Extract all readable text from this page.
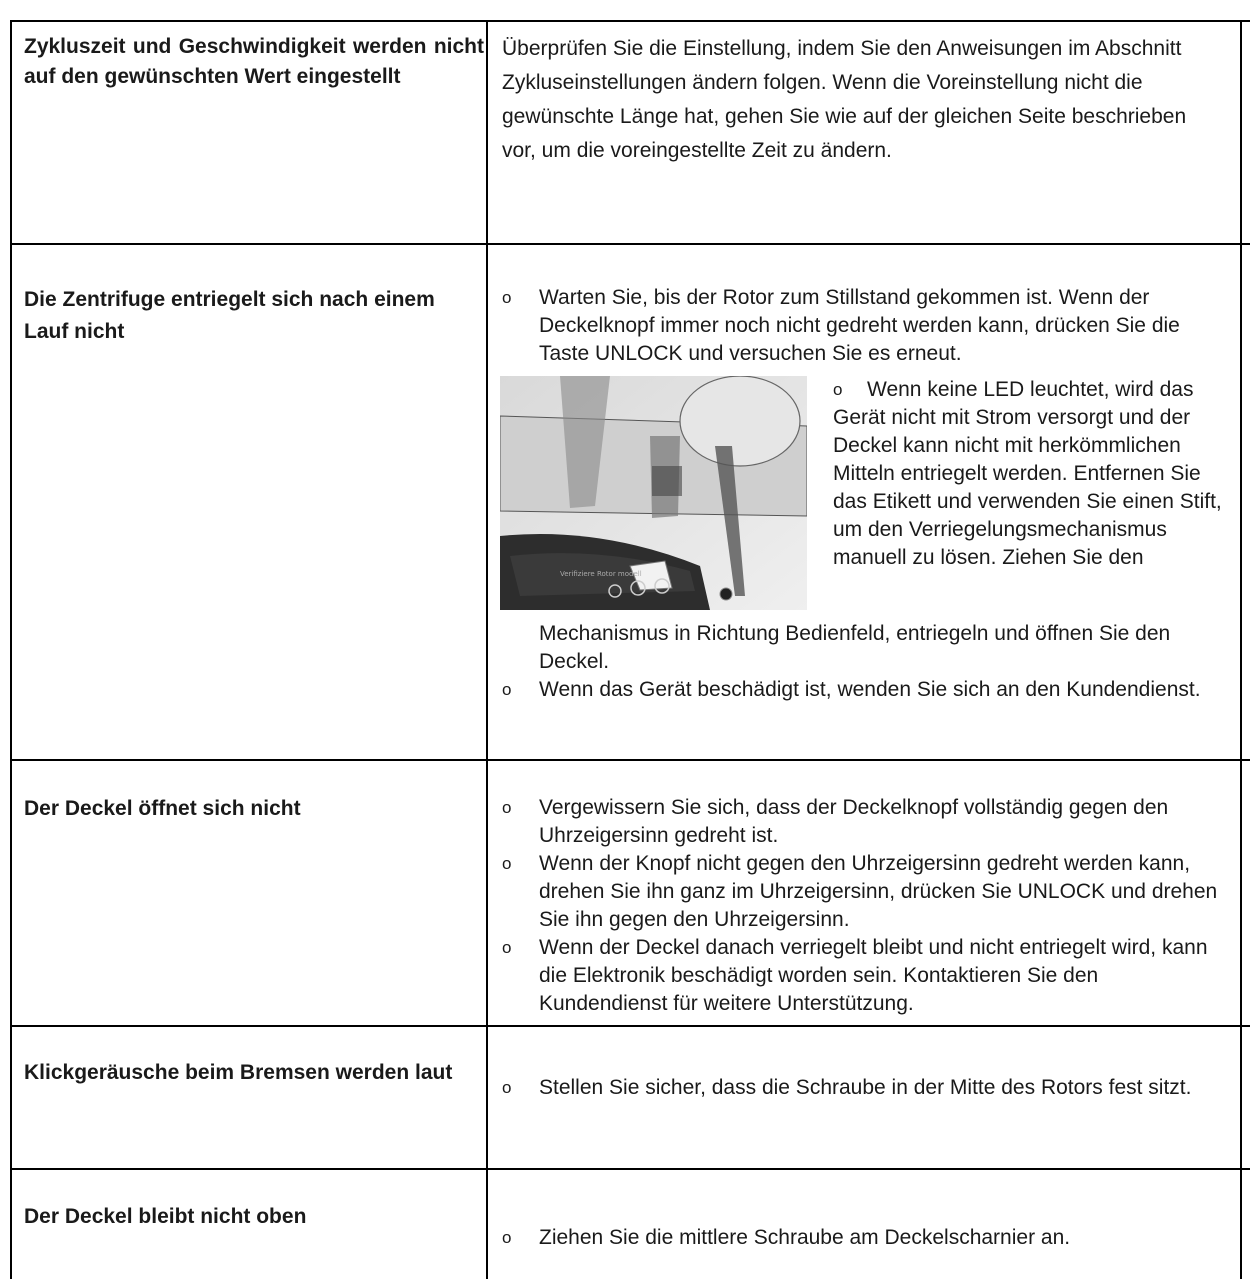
Zykluszeit und Geschwindigkeit werden nicht auf den gewünschten Wert eingestellt
Überprüfen Sie die Einstellung, indem Sie den Anweisungen im Abschnitt Zykluseinstellungen ändern folgen. Wenn die Voreinstellung nicht die gewünschte Länge hat, gehen Sie wie auf der gleichen Seite beschrieben vor, um die voreingestellte Zeit zu ändern.
Die Zentrifuge entriegelt sich nach einem Lauf nicht
o Warten Sie, bis der Rotor zum Stillstand gekommen ist. Wenn der Deckelknopf immer noch nicht gedreht werden kann, drücken Sie die Taste UNLOCK und versuchen Sie es erneut.
Verifiziere Rotor modell
o	Wenn keine LED leuchtet, wird das Gerät nicht mit Strom versorgt und der Deckel kann nicht mit herkömmlichen Mitteln entriegelt werden. Entfernen Sie das Etikett und verwenden Sie einen Stift, um den Verriegelungsmechanismus manuell zu lösen. Ziehen Sie den
Mechanismus in Richtung Bedienfeld, entriegeln und öffnen Sie den Deckel.
o Wenn das Gerät beschädigt ist, wenden Sie sich an den Kundendienst.
Der Deckel öffnet sich nicht	o Vergewissern Sie sich, dass der Deckelknopf vollständig gegen den Uhrzeigersinn gedreht ist.
o Wenn der Knopf nicht gegen den Uhrzeigersinn gedreht werden kann, drehen Sie ihn ganz im Uhrzeigersinn, drücken Sie UNLOCK und drehen Sie ihn gegen den Uhrzeigersinn.
o Wenn der Deckel danach verriegelt bleibt und nicht entriegelt wird, kann die Elektronik beschädigt worden sein. Kontaktieren Sie den Kundendienst für weitere Unterstützung.
Klickgeräusche beim Bremsen werden laut
o Stellen Sie sicher, dass die Schraube in der Mitte des Rotors fest sitzt.
Der Deckel bleibt nicht oben
o Ziehen Sie die mittlere Schraube am Deckelscharnier an.
